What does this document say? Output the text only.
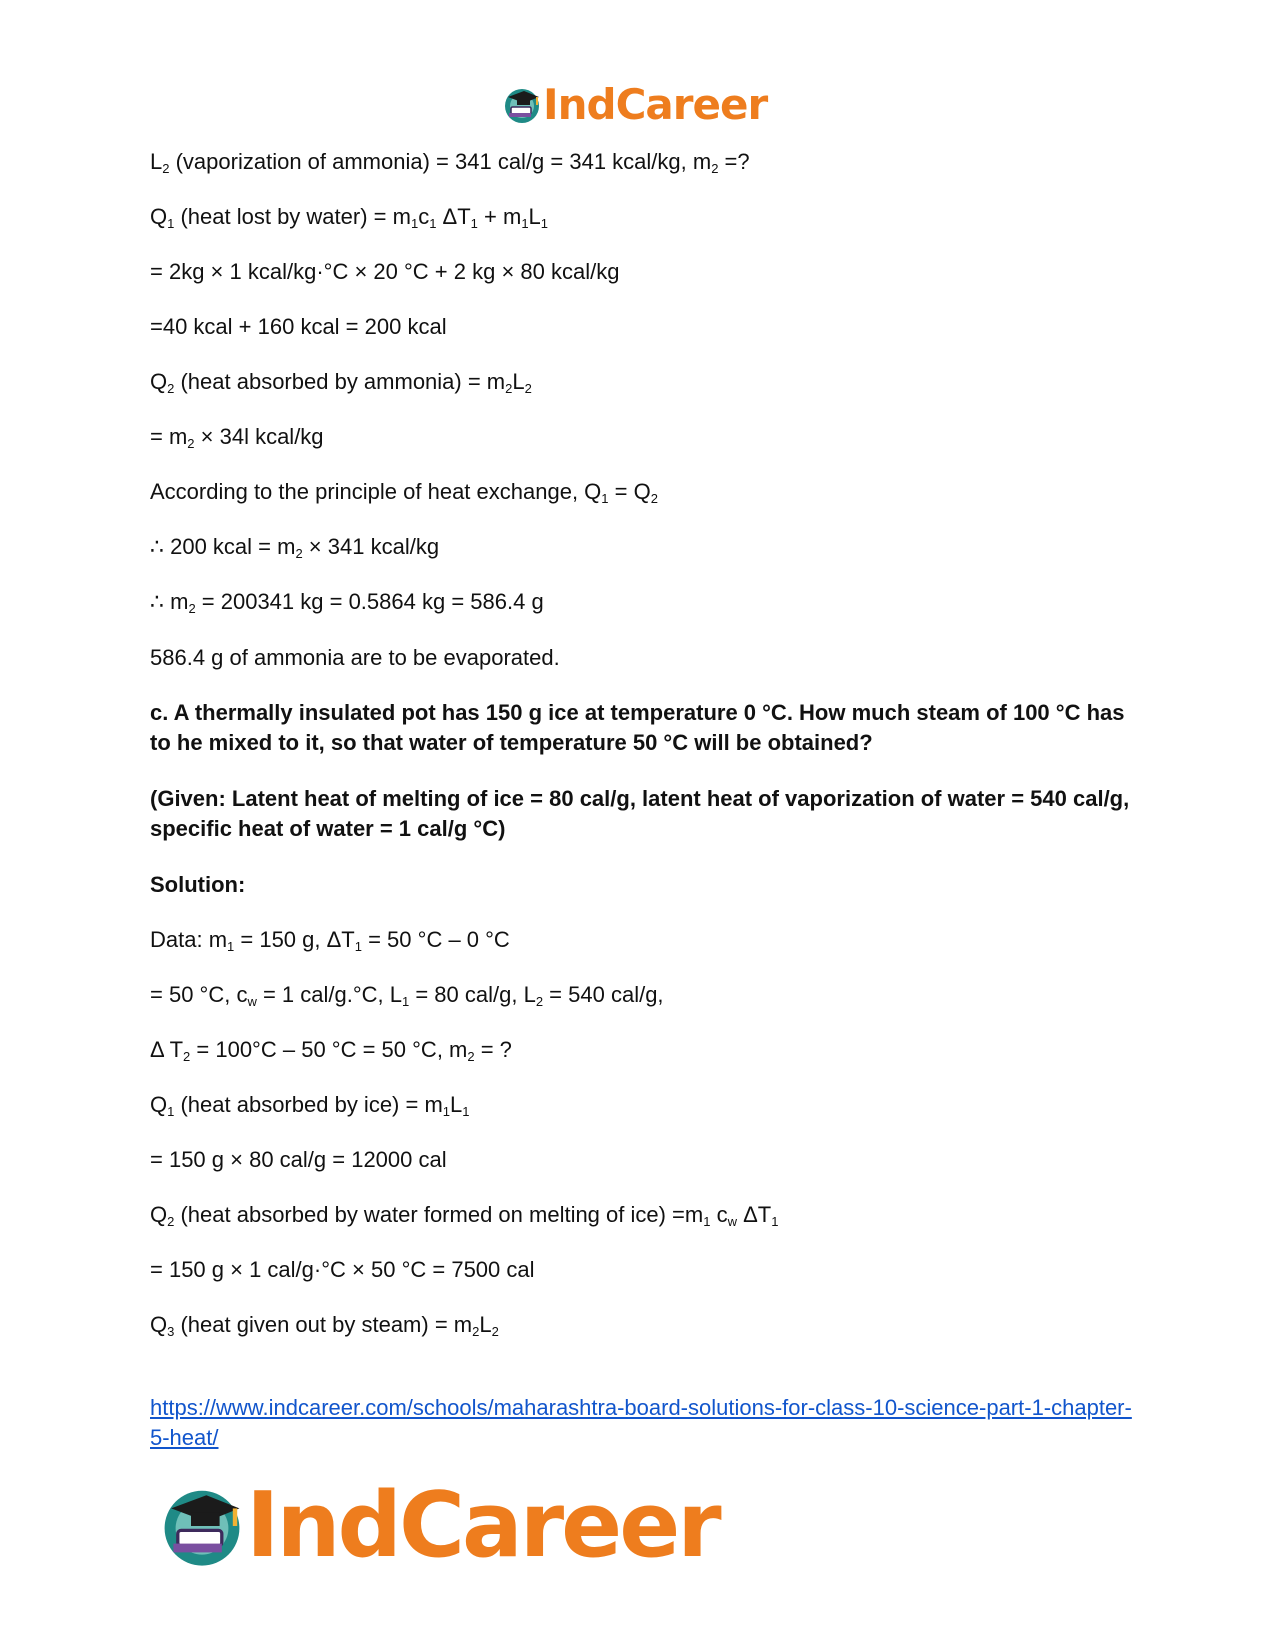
IndCareer
$L_2$ (vaporization of ammonia) = 341 cal/g = 341 kcal/kg, $m_2$ =?
$Q_1$ (heat lost by water) = $m_1c_1$ $\Delta T_1 + m_1L_1$
= 2kg × 1 kcal/kg·°C × 20 °C + 2 kg × 80 kcal/kg
=40 kcal + 160 kcal = 200 kcal
$Q_2$ (heat absorbed by ammonia) = $m_2L_2$
= $m_2 \times 34l$ kcal/kg
According to the principle of heat exchange, $Q_1 = Q_2$
∴ 200 kcal = $m_2 \times 341$ kcal/kg
∴ $m_2 = 200341$ kg = 0.5864 kg = 586.4 g
586.4 g of ammonia are to be evaporated.
c. A thermally insulated pot has 150 g ice at temperature 0 °C. How much steam of 100 °C has to he mixed to it, so that water of temperature 50 °C will be obtained?
(Given: Latent heat of melting of ice = 80 cal/g, latent heat of vaporization of water = 540 cal/g, specific heat of water = 1 cal/g °C)
Solution:
Data: $m_1 = 150$ g, $\Delta T_1 = 50$ °C – 0 °C
= 50 °C, $c_w = 1$ cal/g.°C, $L_1 = 80$ cal/g, $L_2 = 540$ cal/g,
Δ $T_2 = 100^\circ C - 50$ °C = 50 °C, $m_2$ = ?
$Q_1$ (heat absorbed by $ice) = m_1L_1$
= 150 g × 80 cal/g = 12000 cal
$Q_2$ (heat absorbed by water formed on melting of $ice) =m_1$ $c_w$ $\Delta T_1$
= 150 g × 1 cal/g·°C × 50 °C = 7500 cal
$Q_3$ (heat given out by steam) = $m_2L_2$
https://www.indcareer.com/schools/maharashtra-board-solutions-for-class-10-science-part-1-chapter-5-heat/
IndCareer
